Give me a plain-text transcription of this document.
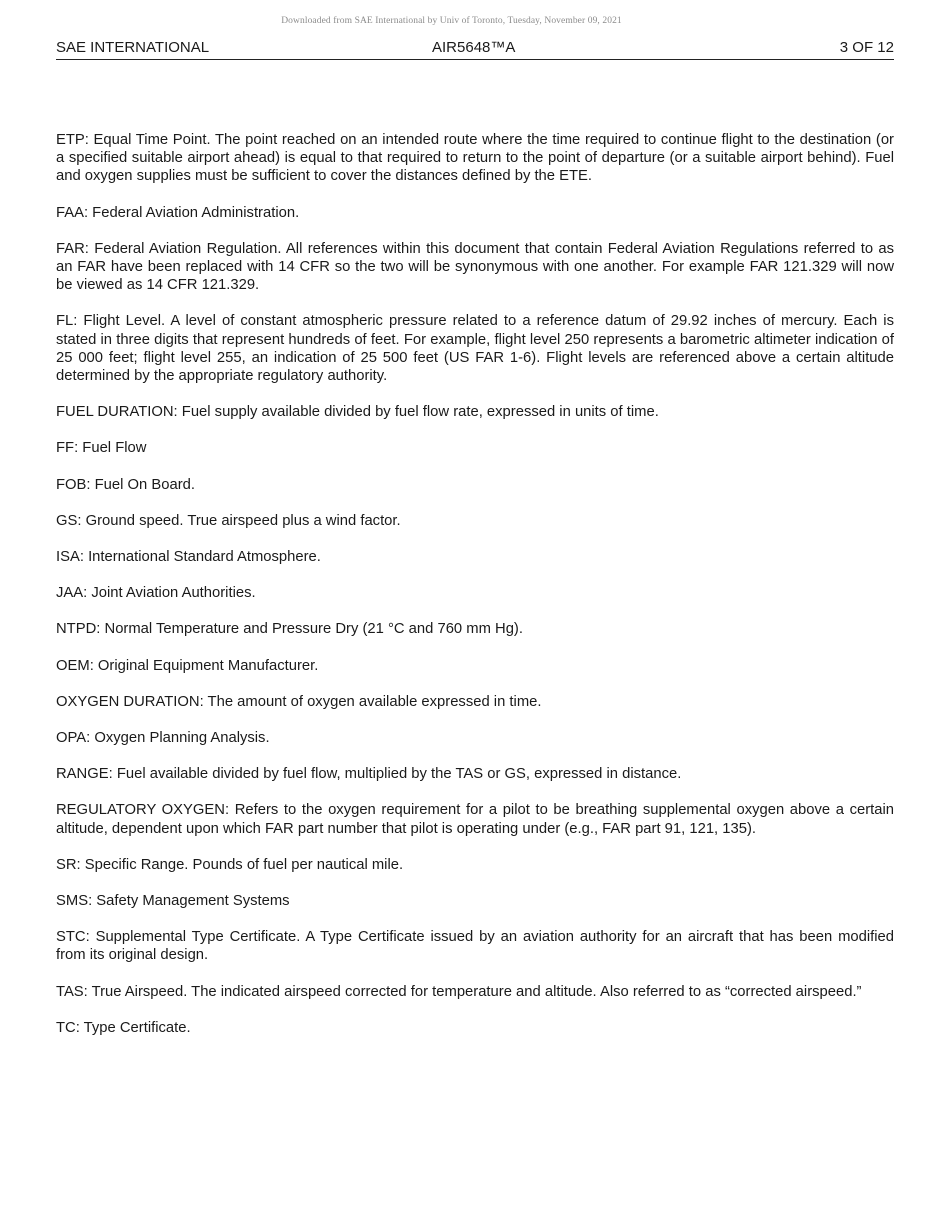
Downloaded from SAE International by Univ of Toronto, Tuesday, November 09, 2021
SAE INTERNATIONAL	AIR5648™A	3 OF 12

ETP: Equal Time Point. The point reached on an intended route where the time required to continue flight to the destination (or a specified suitable airport ahead) is equal to that required to return to the point of departure (or a suitable airport behind). Fuel and oxygen supplies must be sufficient to cover the distances defined by the ETE.

FAA: Federal Aviation Administration.

FAR: Federal Aviation Regulation. All references within this document that contain Federal Aviation Regulations referred to as an FAR have been replaced with 14 CFR so the two will be synonymous with one another. For example FAR 121.329 will now be viewed as 14 CFR 121.329.

FL: Flight Level. A level of constant atmospheric pressure related to a reference datum of 29.92 inches of mercury. Each is stated in three digits that represent hundreds of feet. For example, flight level 250 represents a barometric altimeter indication of 25 000 feet; flight level 255, an indication of 25 500 feet (US FAR 1-6). Flight levels are referenced above a certain altitude determined by the appropriate regulatory authority.

FUEL DURATION: Fuel supply available divided by fuel flow rate, expressed in units of time.

FF: Fuel Flow

FOB: Fuel On Board.

GS: Ground speed. True airspeed plus a wind factor.

ISA: International Standard Atmosphere.

JAA: Joint Aviation Authorities.

NTPD: Normal Temperature and Pressure Dry (21 °C and 760 mm Hg).

OEM: Original Equipment Manufacturer.

OXYGEN DURATION: The amount of oxygen available expressed in time.

OPA: Oxygen Planning Analysis.

RANGE: Fuel available divided by fuel flow, multiplied by the TAS or GS, expressed in distance.

REGULATORY OXYGEN: Refers to the oxygen requirement for a pilot to be breathing supplemental oxygen above a certain altitude, dependent upon which FAR part number that pilot is operating under (e.g., FAR part 91, 121, 135).

SR: Specific Range. Pounds of fuel per nautical mile.

SMS: Safety Management Systems

STC: Supplemental Type Certificate. A Type Certificate issued by an aviation authority for an aircraft that has been modified from its original design.

TAS: True Airspeed. The indicated airspeed corrected for temperature and altitude. Also referred to as “corrected airspeed.”

TC: Type Certificate.
